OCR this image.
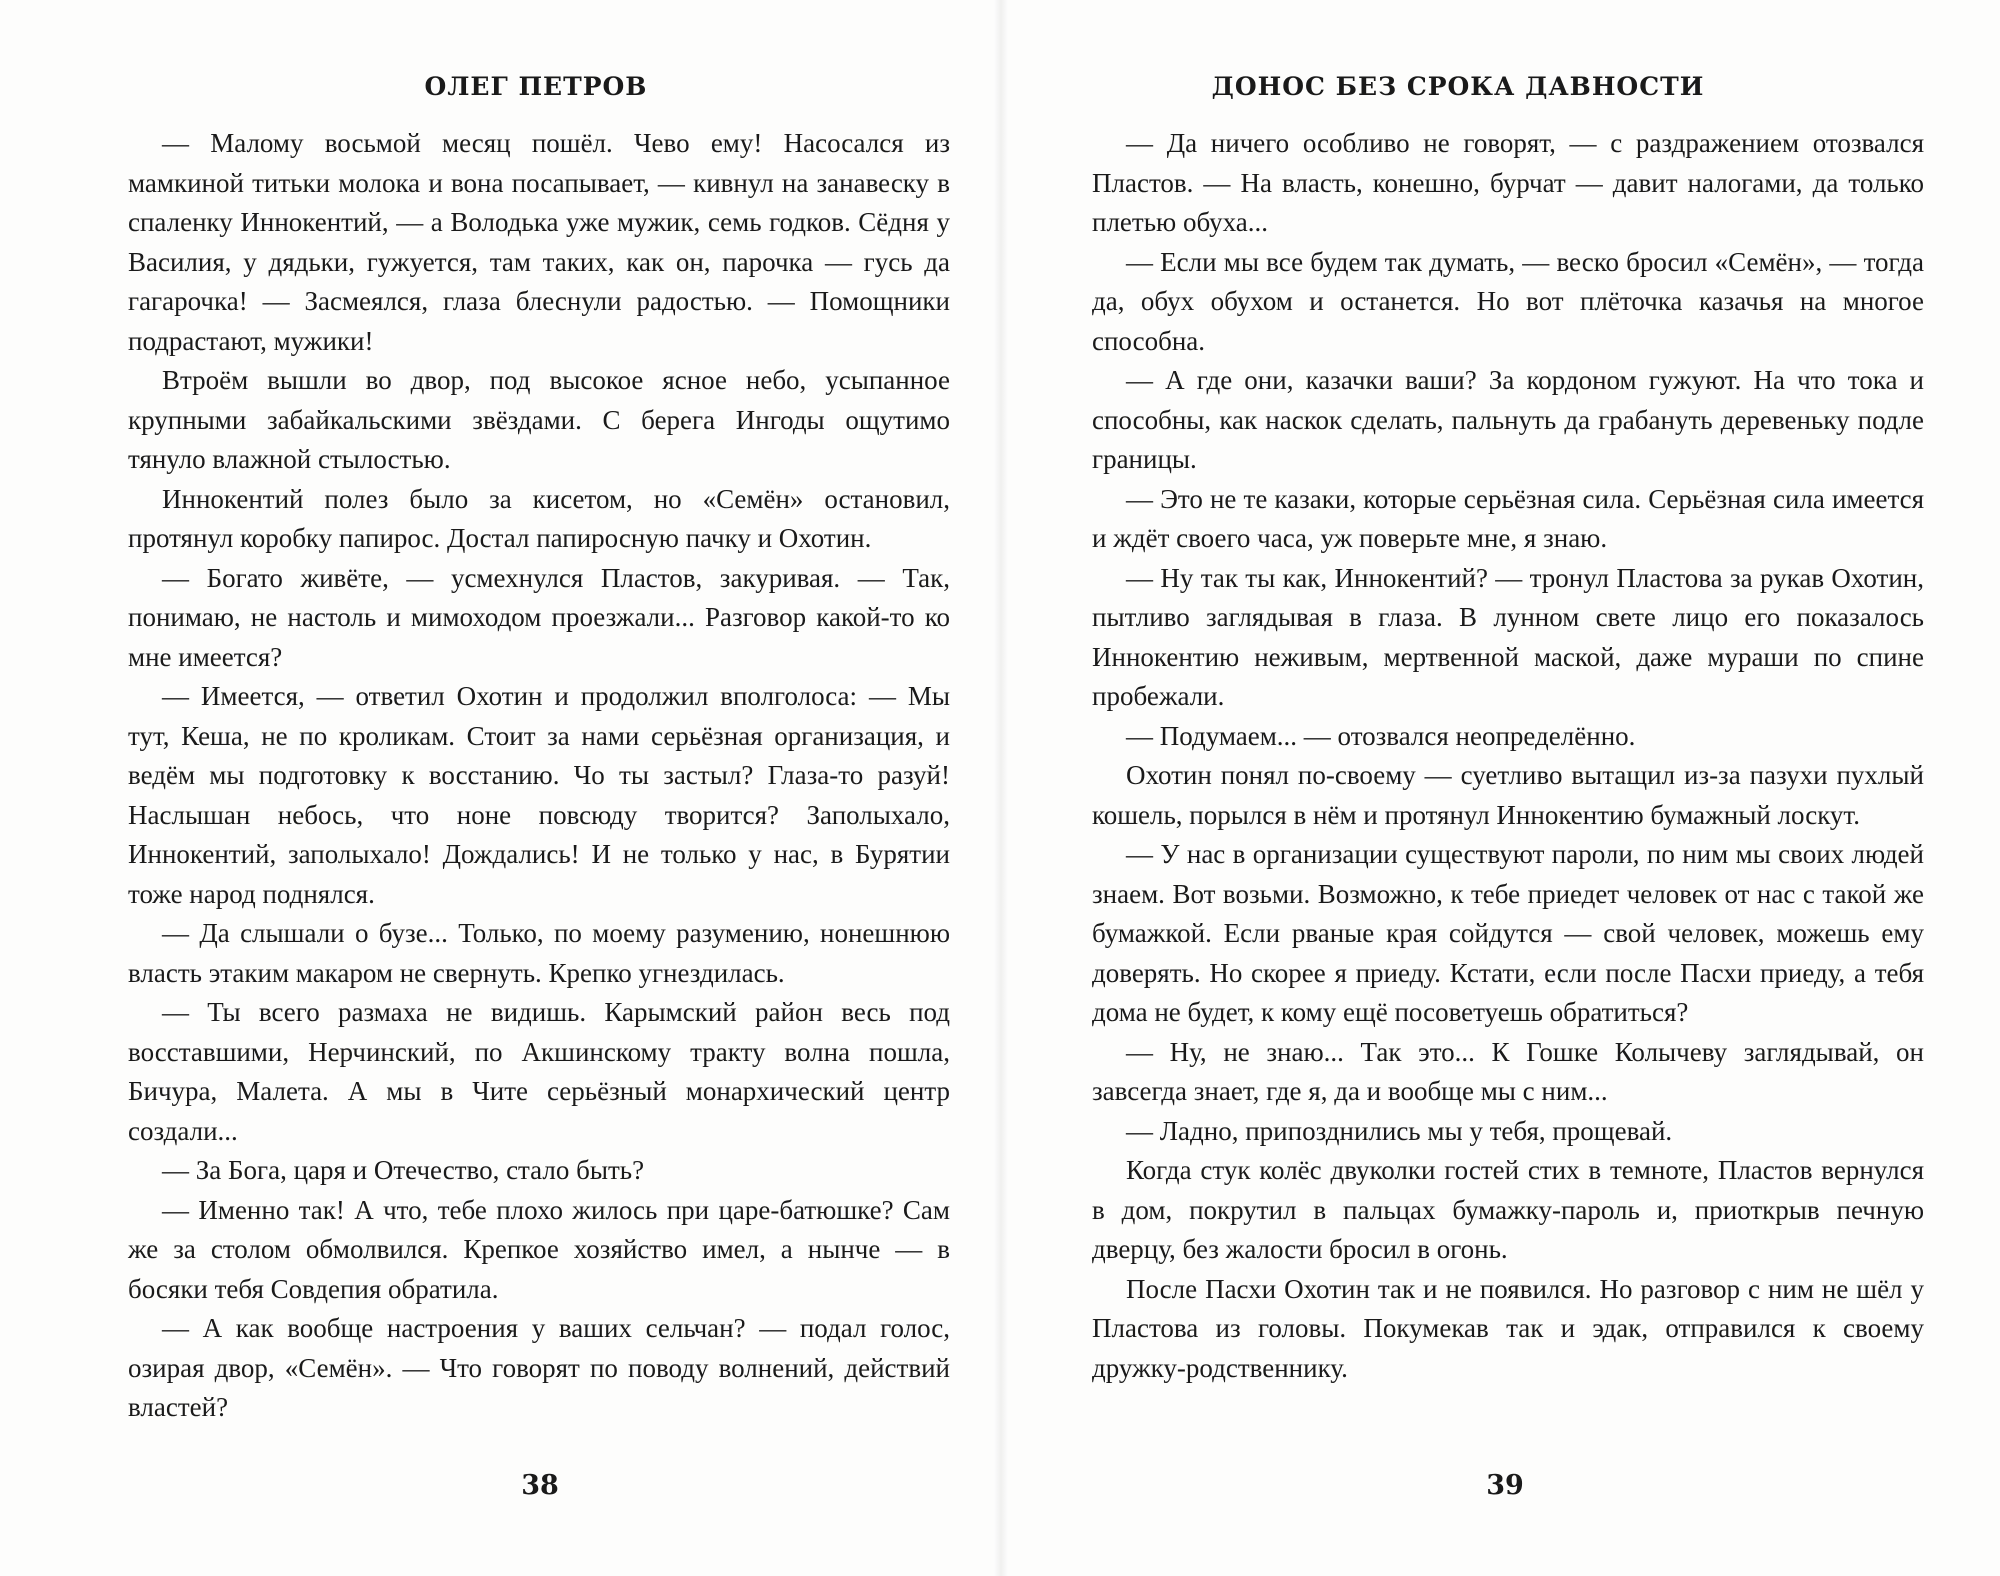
ОЛЕГ ПЕТРОВ

— Малому восьмой месяц пошёл. Чево ему! Насосался из мамкиной титьки молока и вона посапывает, — кивнул на занавеску в спаленку Иннокентий, — а Володька уже мужик, семь годков. Сёдня у Василия, у дядьки, гужуется, там таких, как он, парочка — гусь да гагарочка! — Засмеялся, глаза блеснули радостью. — Помощники подрастают, мужики!

Втроём вышли во двор, под высокое ясное небо, усыпанное крупными забайкальскими звёздами. С берега Ингоды ощутимо тянуло влажной стылостью.

Иннокентий полез было за кисетом, но «Семён» остановил, протянул коробку папирос. Достал папиросную пачку и Охотин.

— Богато живёте, — усмехнулся Пластов, закуривая. — Так, понимаю, не настоль и мимоходом проезжали... Разговор какой-то ко мне имеется?

— Имеется, — ответил Охотин и продолжил вполголоса: — Мы тут, Кеша, не по кроликам. Стоит за нами серьёзная организация, и ведём мы подготовку к восстанию. Чо ты застыл? Глаза-то разуй! Наслышан небось, что ноне повсюду творится? Заполыхало, Иннокентий, заполыхало! Дождались! И не только у нас, в Бурятии тоже народ поднялся.

— Да слышали о бузе... Только, по моему разумению, нонешнюю власть этаким макаром не свернуть. Крепко угнездилась.

— Ты всего размаха не видишь. Карымский район весь под восставшими, Нерчинский, по Акшинскому тракту волна пошла, Бичура, Малета. А мы в Чите серьёзный монархический центр создали...

— За Бога, царя и Отечество, стало быть?

— Именно так! А что, тебе плохо жилось при царе-батюшке? Сам же за столом обмолвился. Крепкое хозяйство имел, а нынче — в босяки тебя Совдепия обратила.

— А как вообще настроения у ваших сельчан? — подал голос, озирая двор, «Семён». — Что говорят по поводу волнений, действий властей?

38
ДОНОС БЕЗ СРОКА ДАВНОСТИ

— Да ничего особливо не говорят, — с раздражением отозвался Пластов. — На власть, конешно, бурчат — давит налогами, да только плетью обуха...

— Если мы все будем так думать, — веско бросил «Семён», — тогда да, обух обухом и останется. Но вот плёточка казачья на многое способна.

— А где они, казачки ваши? За кордоном гужуют. На что тока и способны, как наскок сделать, пальнуть да грабануть деревеньку подле границы.

— Это не те казаки, которые серьёзная сила. Серьёзная сила имеется и ждёт своего часа, уж поверьте мне, я знаю.

— Ну так ты как, Иннокентий? — тронул Пластова за рукав Охотин, пытливо заглядывая в глаза. В лунном свете лицо его показалось Иннокентию неживым, мертвенной маской, даже мураши по спине пробежали.

— Подумаем... — отозвался неопределённо.

Охотин понял по-своему — суетливо вытащил из-за пазухи пухлый кошель, порылся в нём и протянул Иннокентию бумажный лоскут.

— У нас в организации существуют пароли, по ним мы своих людей знаем. Вот возьми. Возможно, к тебе приедет человек от нас с такой же бумажкой. Если рваные края сойдутся — свой человек, можешь ему доверять. Но скорее я приеду. Кстати, если после Пасхи приеду, а тебя дома не будет, к кому ещё посоветуешь обратиться?

— Ну, не знаю... Так это... К Гошке Колычеву заглядывай, он завсегда знает, где я, да и вообще мы с ним...

— Ладно, припозднились мы у тебя, прощевай.

Когда стук колёс двуколки гостей стих в темноте, Пластов вернулся в дом, покрутил в пальцах бумажку-пароль и, приоткрыв печную дверцу, без жалости бросил в огонь.

После Пасхи Охотин так и не появился. Но разговор с ним не шёл у Пластова из головы. Покумекав так и эдак, отправился к своему дружку-родственнику.

39
